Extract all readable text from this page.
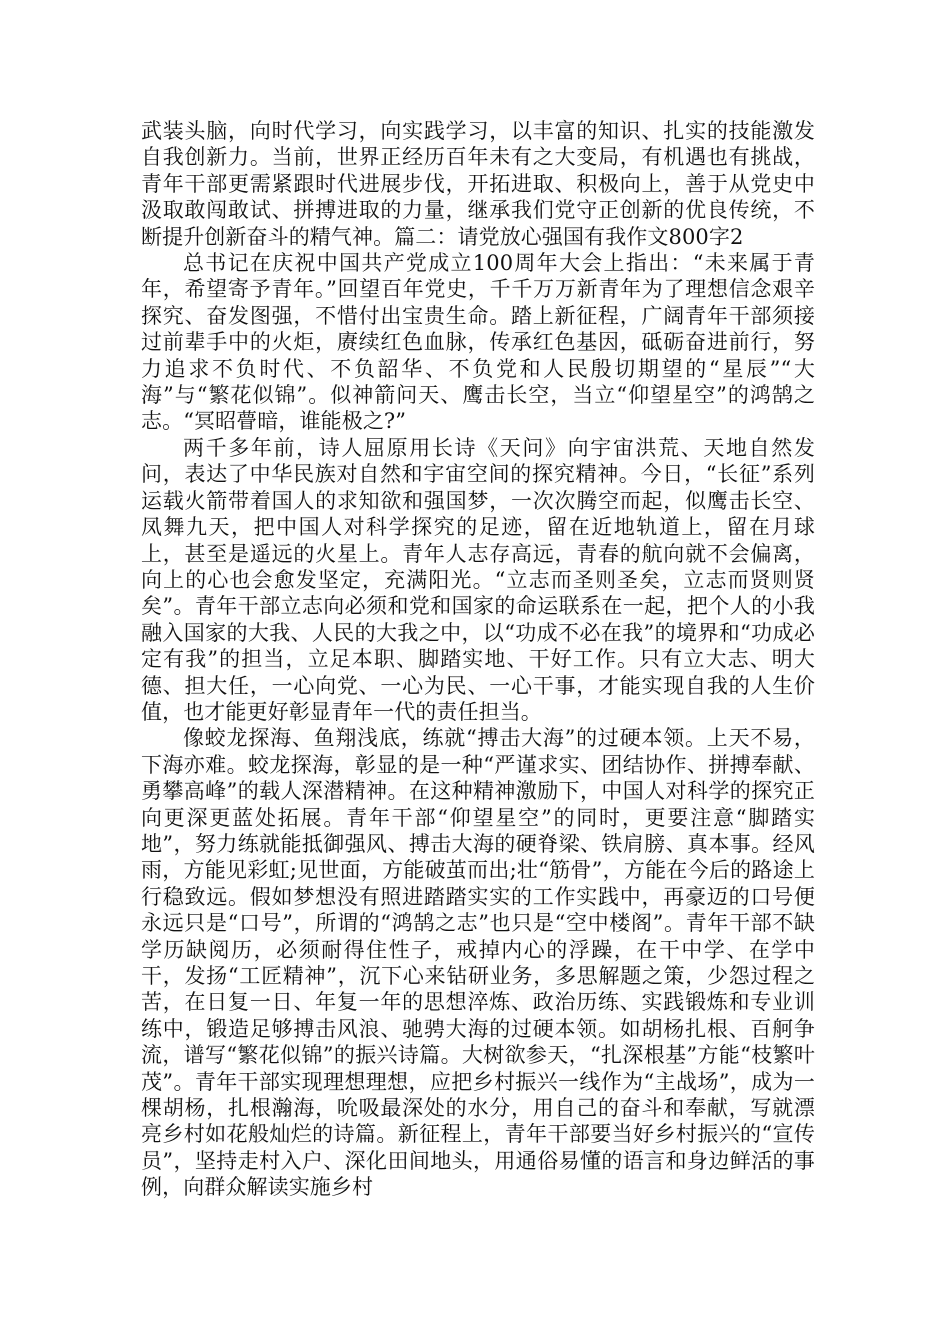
武装头脑，向时代学习，向实践学习，以丰富的知识、扎实的技能激发自我创新力。当前，世界正经历百年未有之大变局，有机遇也有挑战，青年干部更需紧跟时代进展步伐，开拓进取、积极向上，善于从党史中汲取敢闯敢试、拼搏进取的力量，继承我们党守正创新的优良传统，不断提升创新奋斗的精气神。篇二：请党放心强国有我作文800字2

总书记在庆祝中国共产党成立100周年大会上指出：“未来属于青年，希望寄予青年。”回望百年党史，千千万万新青年为了理想信念艰辛探究、奋发图强，不惜付出宝贵生命。踏上新征程，广阔青年干部须接过前辈手中的火炬，赓续红色血脉，传承红色基因，砥砺奋进前行，努力追求不负时代、不负韶华、不负党和人民殷切期望的“星辰”“大海”与“繁花似锦”。似神箭问天、鹰击长空，当立“仰望星空”的鸿鹄之志。“冥昭瞢暗，谁能极之?”

两千多年前，诗人屈原用长诗《天问》向宇宙洪荒、天地自然发问，表达了中华民族对自然和宇宙空间的探究精神。今日，“长征”系列运载火箭带着国人的求知欲和强国梦，一次次腾空而起，似鹰击长空、凤舞九天，把中国人对科学探究的足迹，留在近地轨道上，留在月球上，甚至是遥远的火星上。青年人志存高远，青春的航向就不会偏离，向上的心也会愈发坚定，充满阳光。“立志而圣则圣矣，立志而贤则贤矣”。青年干部立志向必须和党和国家的命运联系在一起，把个人的小我融入国家的大我、人民的大我之中，以“功成不必在我”的境界和“功成必定有我”的担当，立足本职、脚踏实地、干好工作。只有立大志、明大德、担大任，一心向党、一心为民、一心干事，才能实现自我的人生价值，也才能更好彰显青年一代的责任担当。

像蛟龙探海、鱼翔浅底，练就“搏击大海”的过硬本领。上天不易，下海亦难。蛟龙探海，彰显的是一种“严谨求实、团结协作、拼搏奉献、勇攀高峰”的载人深潜精神。在这种精神激励下，中国人对科学的探究正向更深更蓝处拓展。青年干部“仰望星空”的同时，更要注意“脚踏实地”，努力练就能抵御强风、搏击大海的硬脊梁、铁肩膀、真本事。经风雨，方能见彩虹;见世面，方能破茧而出;壮“筋骨”，方能在今后的路途上行稳致远。假如梦想没有照进踏踏实实的工作实践中，再豪迈的口号便永远只是“口号”，所谓的“鸿鹄之志”也只是“空中楼阁”。青年干部不缺学历缺阅历，必须耐得住性子，戒掉内心的浮躁，在干中学、在学中干，发扬“工匠精神”，沉下心来钻研业务，多思解题之策，少怨过程之苦，在日复一日、年复一年的思想淬炼、政治历练、实践锻炼和专业训练中，锻造足够搏击风浪、驰骋大海的过硬本领。如胡杨扎根、百舸争流，谱写“繁花似锦”的振兴诗篇。大树欲参天，“扎深根基”方能“枝繁叶茂”。青年干部实现理想理想，应把乡村振兴一线作为“主战场”，成为一棵胡杨，扎根瀚海，吮吸最深处的水分，用自己的奋斗和奉献，写就漂亮乡村如花般灿烂的诗篇。新征程上，青年干部要当好乡村振兴的“宣传员”，坚持走村入户、深化田间地头，用通俗易懂的语言和身边鲜活的事例，向群众解读实施乡村
